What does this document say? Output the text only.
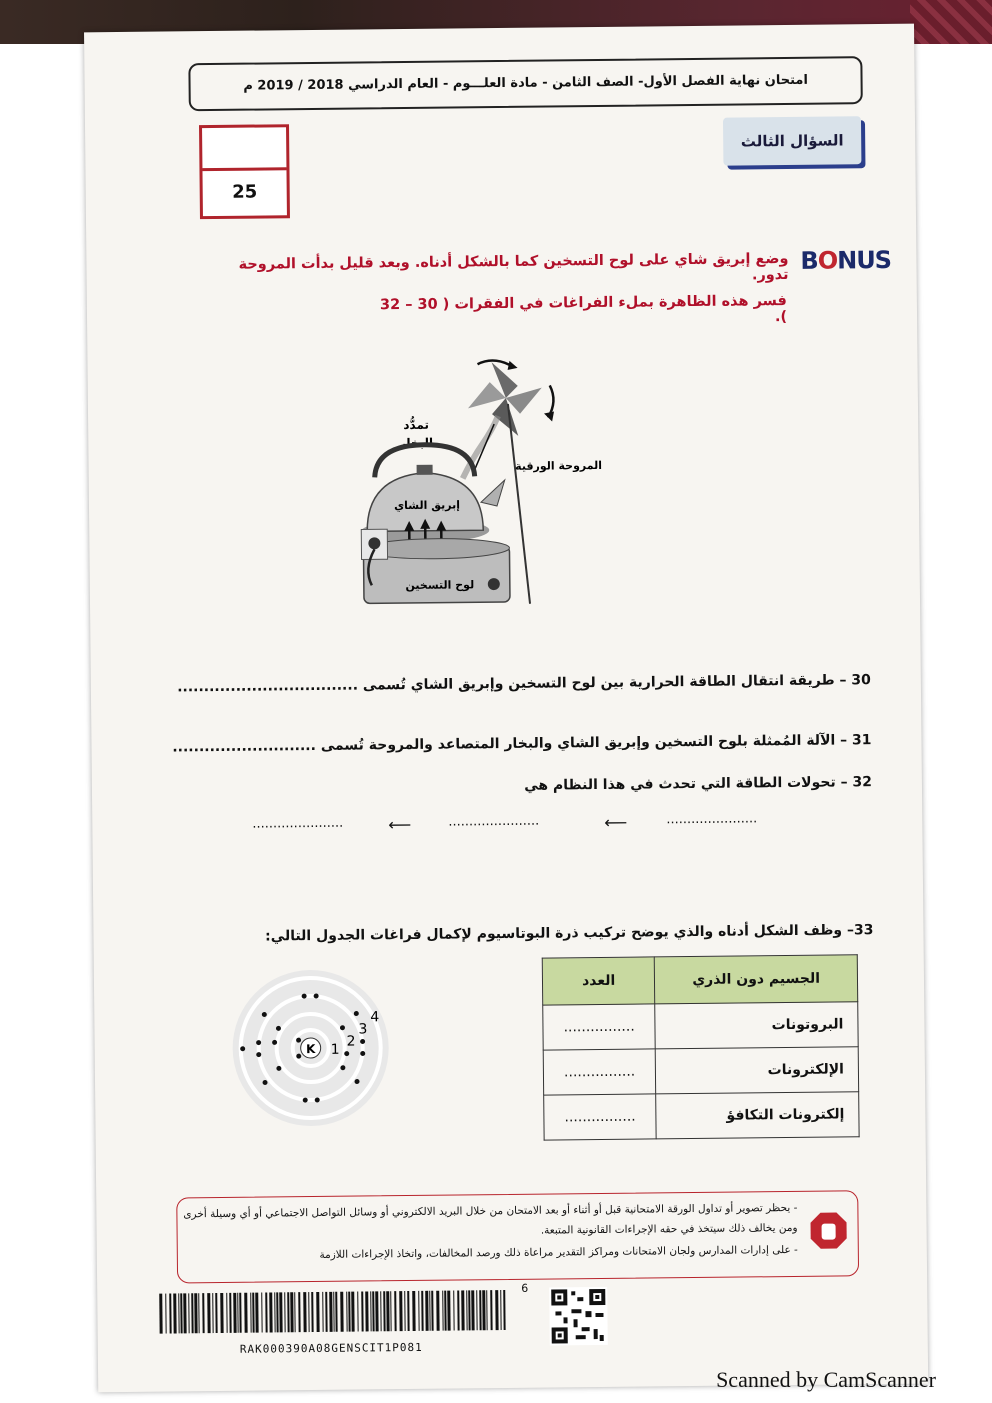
امتحان نهاية الفصل الأول- الصف الثامن - مادة العلـــوم - العام الدراسي 2018 / 2019 م
25
السؤال الثالث
BONUS
وضع إبريق شاي على لوح التسخين كما بالشكل أدناه. وبعد قليل بدأت المروحة تدور.
فسر هذه الظاهرة بملء الفراغات في الفقرات ( 30 – 32 ).
تمدُّد
البخار
المروحة الورقية
إبريق الشاي
لوح التسخين
30 – طريقة انتقال الطاقة الحرارية بين لوح التسخين وإبريق الشاي تُسمى ..................................
31 – الآلة المُمثلة بلوح التسخين وإبريق الشاي والبخار المتصاعد والمروحة تُسمى ...........................
32 – تحولات الطاقة التي تحدث في هذا النظام هي
......................	⟵	......................	⟵	......................
33– وظف الشكل أدناه والذي يوضح تركيب ذرة البوتاسيوم لإكمال فراغات الجدول التالي:
K 1
2
3
4
الجسيم دون الذري	العدد
البروتونات	................
الإلكترونات	................
إلكترونات التكافؤ	................
- يحظر تصوير أو تداول الورقة الامتحانية قبل أو أثناء أو بعد الامتحان من خلال البريد الالكتروني أو وسائل التواصل الاجتماعي أو أي وسيلة أخرى
ومن يخالف ذلك سيتخذ في حقه الإجراءات القانونية المتبعة.
- على إدارات المدارس ولجان الامتحانات ومراكز التقدير مراعاة ذلك ورصد المخالفات، واتخاذ الإجراءات اللازمة
6
RAK000390A08GENSCIT1P081
Scanned by CamScanner
